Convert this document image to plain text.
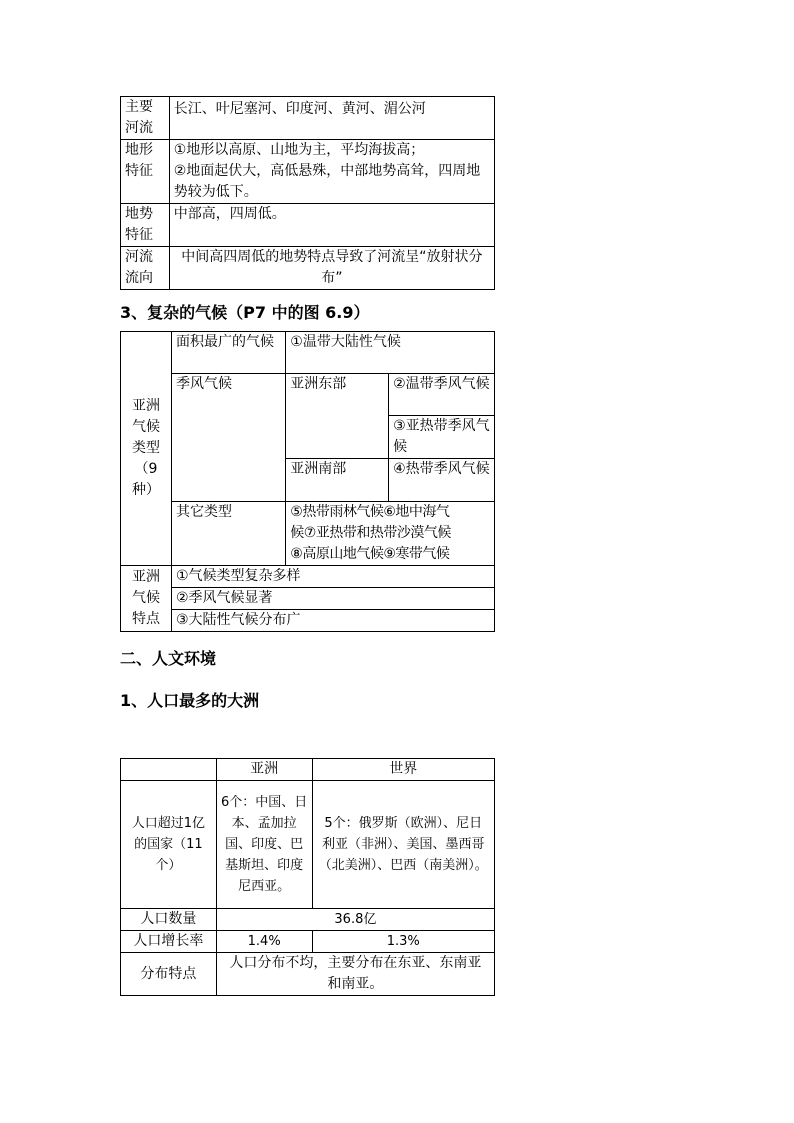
主要河流	长江、叶尼塞河、印度河、黄河、湄公河
地形特征	①地形以高原、山地为主，平均海拔高；
②地面起伏大，高低悬殊，中部地势高耸，四周地势较为低下。

地势特征	中部高，四周低。
河流流向	中间高四周低的地势特点导致了河流呈“放射状分布”
3、复杂的气候（P7 中的图 6.9）
亚洲气候类型（9种）	面积最广的气候	①温带大陆性气候	
	季风气候	亚洲东部	②温带季风气候
			③亚热带季风气候
		亚洲南部	④热带季风气候
	其它类型	⑤热带雨林气候⑥地中海气
候⑦亚热带和热带沙漠气候
⑧高原山地气候⑨寒带气候	

亚洲气候特点	①气候类型复杂多样		
	②季风气候显著		
	③大陆性气候分布广		
二、人文环境
1、人口最多的大洲
	亚洲	世界
人口超过1亿的国家（11个）	6个：中国、日本、孟加拉国、印度、巴基斯坦、印度尼西亚。	5个：俄罗斯（欧洲）、尼日利亚（非洲）、美国、墨西哥（北美洲）、巴西（南美洲）。
人口数量	36.8亿	
人口增长率	1.4%	1.3%
分布特点	人口分布不均，主要分布在东亚、东南亚和南亚。	
